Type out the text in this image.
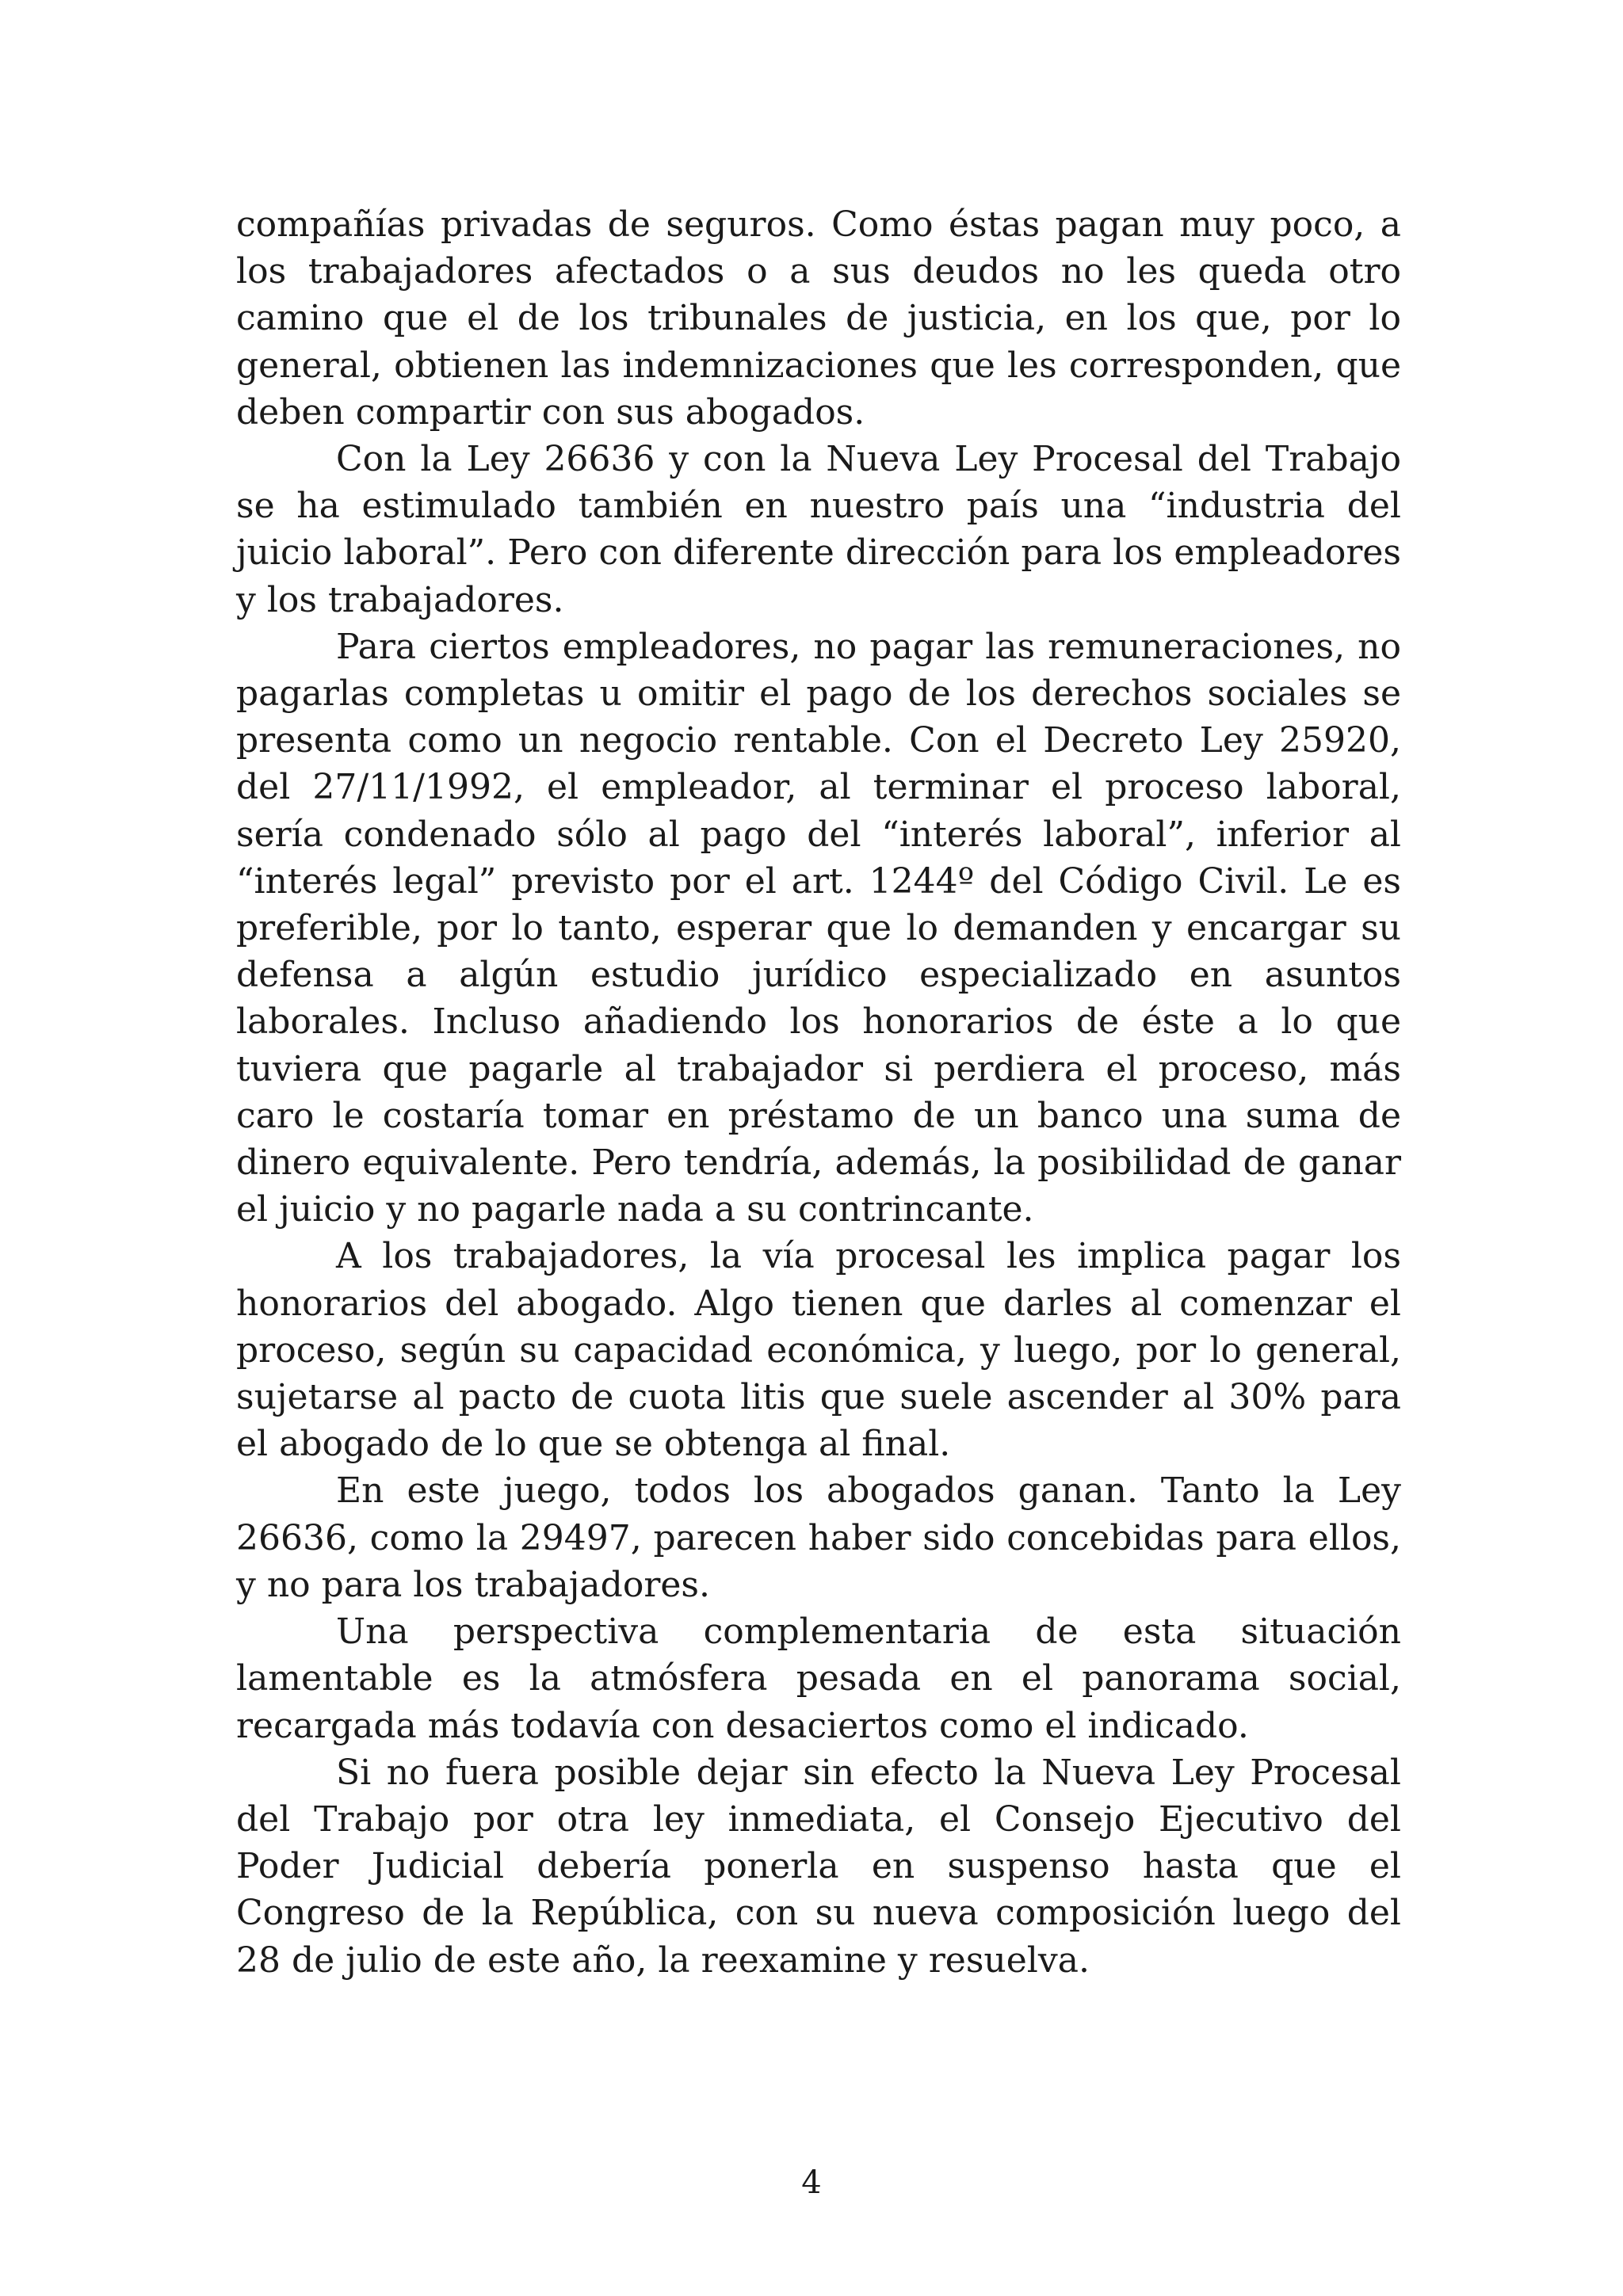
compañías privadas de seguros. Como éstas pagan muy poco, a los trabajadores afectados o a sus deudos no les queda otro camino que el de los tribunales de justicia, en los que, por lo general, obtienen las indemnizaciones que les corresponden, que deben compartir con sus abogados.

Con la Ley 26636 y con la Nueva Ley Procesal del Trabajo se ha estimulado también en nuestro país una “industria del juicio laboral”. Pero con diferente dirección para los empleadores y los trabajadores.

Para ciertos empleadores, no pagar las remuneraciones, no pagarlas completas u omitir el pago de los derechos sociales se presenta como un negocio rentable. Con el Decreto Ley 25920, del 27/11/1992, el empleador, al terminar el proceso laboral, sería condenado sólo al pago del “interés laboral”, inferior al “interés legal” previsto por el art. 1244º del Código Civil. Le es preferible, por lo tanto, esperar que lo demanden y encargar su defensa a algún estudio jurídico especializado en asuntos laborales. Incluso añadiendo los honorarios de éste a lo que tuviera que pagarle al trabajador si perdiera el proceso, más caro le costaría tomar en préstamo de un banco una suma de dinero equivalente. Pero tendría, además, la posibilidad de ganar el juicio y no pagarle nada a su contrincante.

A los trabajadores, la vía procesal les implica pagar los honorarios del abogado. Algo tienen que darles al comenzar el proceso, según su capacidad económica, y luego, por lo general, sujetarse al pacto de cuota litis que suele ascender al 30% para el abogado de lo que se obtenga al final.

En este juego, todos los abogados ganan. Tanto la Ley 26636, como la 29497, parecen haber sido concebidas para ellos, y no para los trabajadores.

Una perspectiva complementaria de esta situación lamentable es la atmósfera pesada en el panorama social, recargada más todavía con desaciertos como el indicado.

Si no fuera posible dejar sin efecto la Nueva Ley Procesal del Trabajo por otra ley inmediata, el Consejo Ejecutivo del Poder Judicial debería ponerla en suspenso hasta que el Congreso de la República, con su nueva composición luego del 28 de julio de este año, la reexamine y resuelva.

4
